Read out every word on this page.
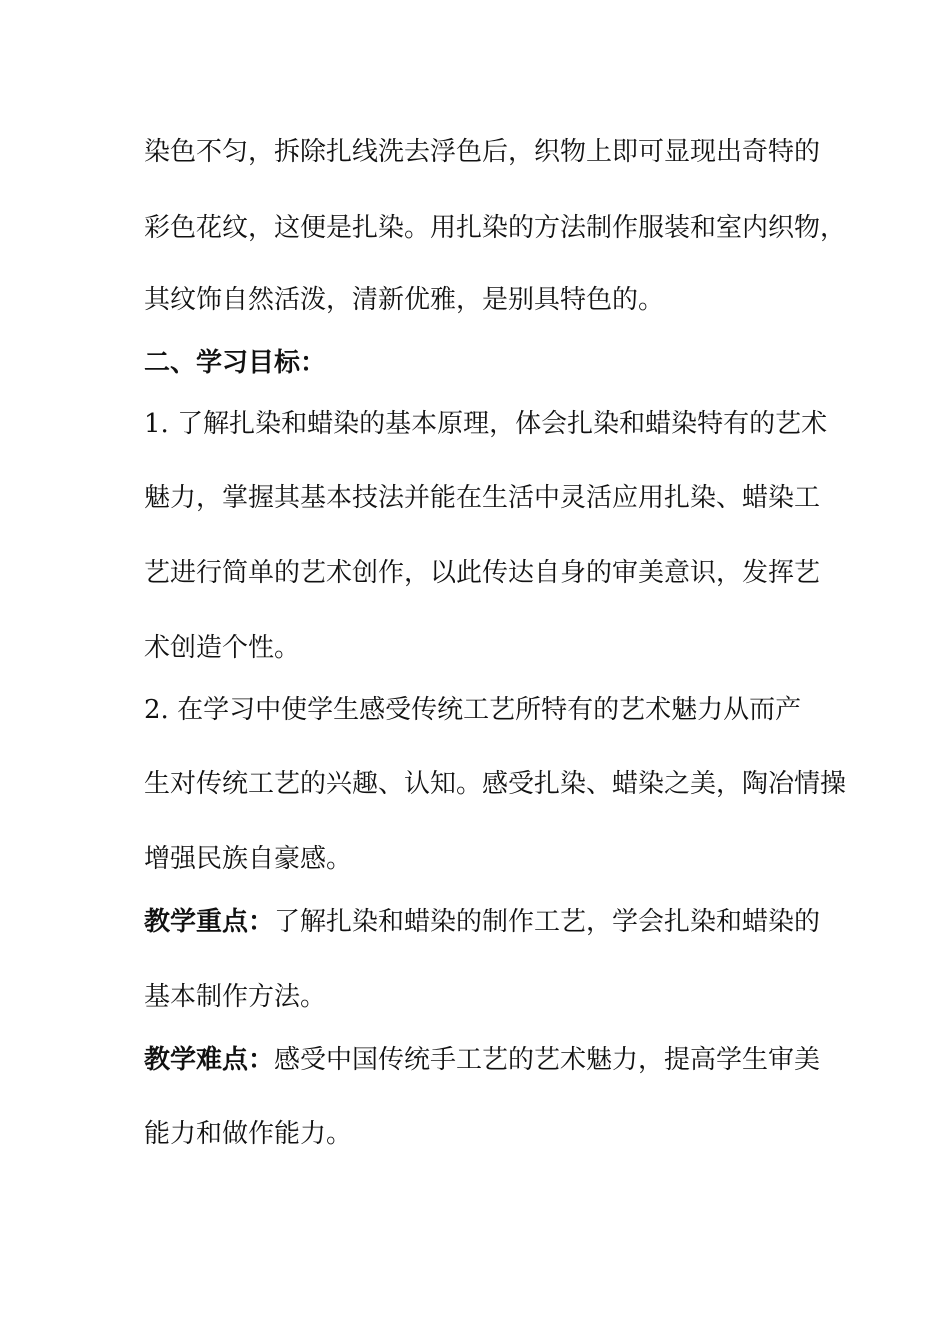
染色不匀，拆除扎线洗去浮色后，织物上即可显现出奇特的
彩色花纹，这便是扎染。用扎染的方法制作服装和室内织物，
其纹饰自然活泼，清新优雅，是别具特色的。
二、学习目标：
1. 了解扎染和蜡染的基本原理，体会扎染和蜡染特有的艺术
魅力，掌握其基本技法并能在生活中灵活应用扎染、蜡染工
艺进行简单的艺术创作，以此传达自身的审美意识，发挥艺
术创造个性。
2. 在学习中使学生感受传统工艺所特有的艺术魅力从而产
生对传统工艺的兴趣、认知。感受扎染、蜡染之美，陶冶情操
增强民族自豪感。
教学重点：了解扎染和蜡染的制作工艺，学会扎染和蜡染的
基本制作方法。
教学难点：感受中国传统手工艺的艺术魅力，提高学生审美
能力和做作能力。
